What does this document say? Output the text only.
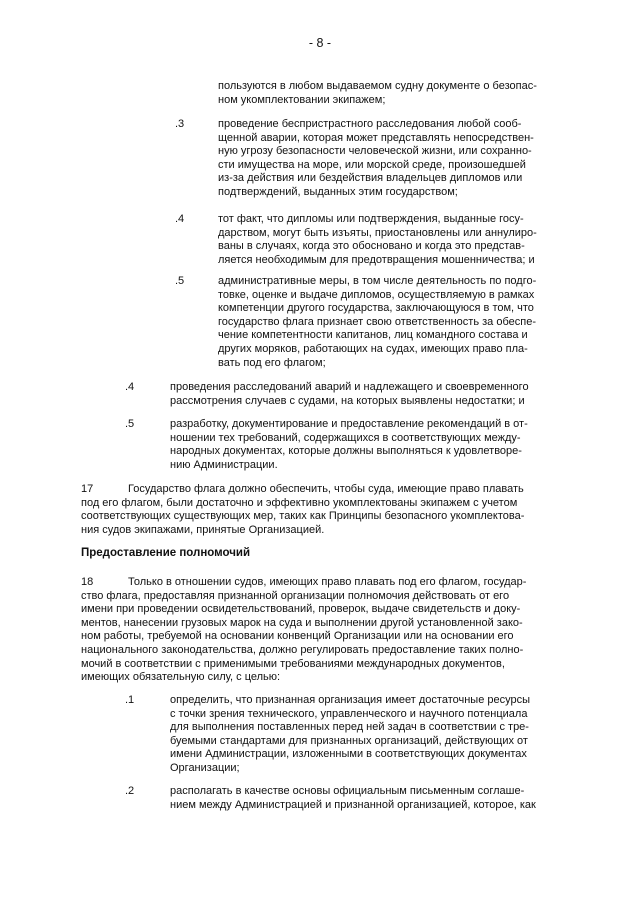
- 8 -

пользуются в любом выдаваемом судну документе о безопас-
ном укомплектовании экипажем;

.3	проведение беспристрастного расследования любой сооб-
щенной аварии, которая может представлять непосредствен-
ную угрозу безопасности человеческой жизни, или сохранно-
сти имущества на море, или морской среде, произошедшей
из-за действия или бездействия владельцев дипломов или
подтверждений, выданных этим государством;

.4	тот факт, что дипломы или подтверждения, выданные госу-
дарством, могут быть изъяты, приостановлены или аннулиро-
ваны в случаях, когда это обосновано и когда это представ-
ляется необходимым для предотвращения мошенничества; и

.5	административные меры, в том числе деятельность по подго-
товке, оценке и выдаче дипломов, осуществляемую в рамках
компетенции другого государства, заключающуюся в том, что
государство флага признает свою ответственность за обеспе-
чение компетентности капитанов, лиц командного состава и
других моряков, работающих на судах, имеющих право пла-
вать под его флагом;

.4	проведения расследований аварий и надлежащего и своевременного
рассмотрения случаев с судами, на которых выявлены недостатки; и

.5	разработку, документирование и предоставление рекомендаций в от-
ношении тех требований, содержащихся в соответствующих между-
народных документах, которые должны выполняться к удовлетворе-
нию Администрации.

Государство флага должно обеспечить, чтобы суда, имеющие право плавать
под его флагом, были достаточно и эффективно укомплектованы экипажем с учетом
соответствующих существующих мер, таких как Принципы безопасного укомплектова-
ния судов экипажами, принятые Организацией.

17

Предоставление полномочий

Только в отношении судов, имеющих право плавать под его флагом, государ-
ство флага, предоставляя признанной организации полномочия действовать от его
имени при проведении освидетельствований, проверок, выдаче свидетельств и доку-
ментов, нанесении грузовых марок на суда и выполнении другой установленной зако-
ном работы, требуемой на основании конвенций Организации или на основании его
национального законодательства, должно регулировать предоставление таких полно-
мочий в соответствии с применимыми требованиями международных документов,
имеющих обязательную силу, с целью:

18

.1	определить, что признанная организация имеет достаточные ресурсы
с точки зрения технического, управленческого и научного потенциала
для выполнения поставленных перед ней задач в соответствии с тре-
буемыми стандартами для признанных организаций, действующих от
имени Администрации, изложенными в соответствующих документах
Организации;

.2	располагать в качестве основы официальным письменным соглаше-
нием между Администрацией и признанной организацией, которое, как
